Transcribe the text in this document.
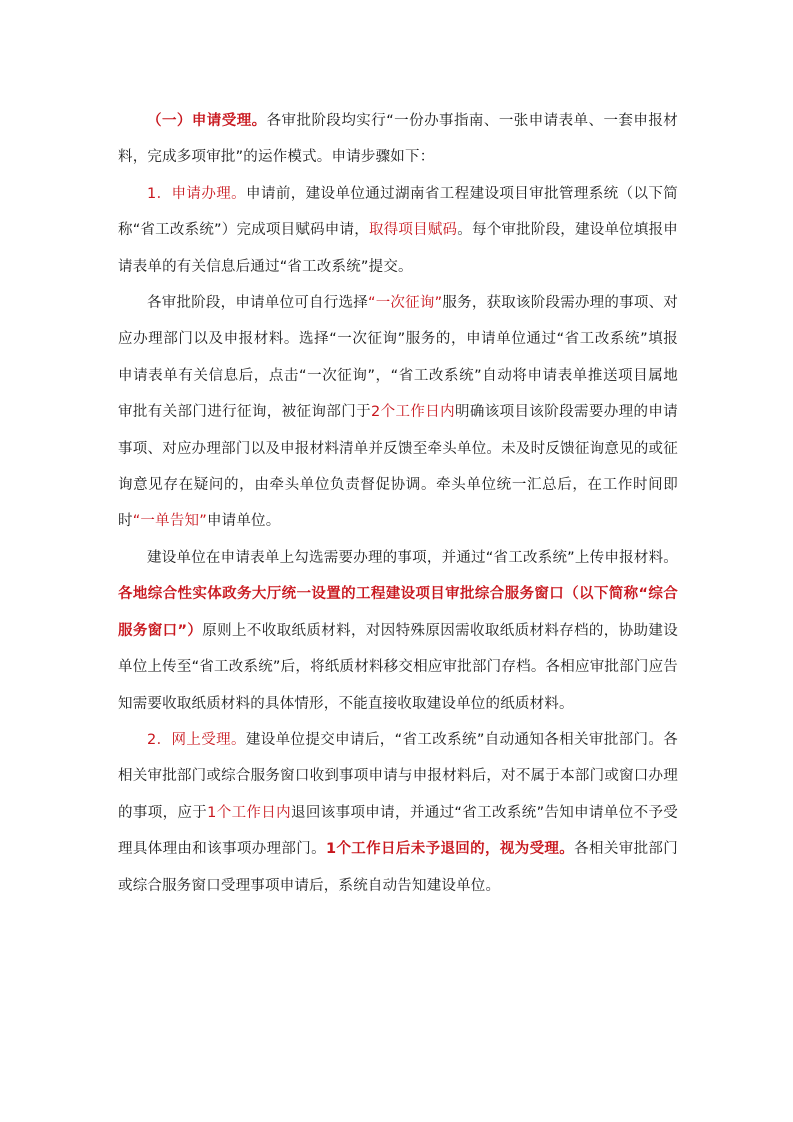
（一）申请受理。各审批阶段均实行“一份办事指南、一张申请表单、一套申报材料，完成多项审批”的运作模式。申请步骤如下：

1．申请办理。申请前，建设单位通过湖南省工程建设项目审批管理系统（以下简称“省工改系统”）完成项目赋码申请，取得项目赋码。每个审批阶段，建设单位填报申请表单的有关信息后通过“省工改系统”提交。

各审批阶段，申请单位可自行选择“一次征询”服务，获取该阶段需办理的事项、对应办理部门以及申报材料。选择“一次征询”服务的，申请单位通过“省工改系统”填报申请表单有关信息后，点击“一次征询”，“省工改系统”自动将申请表单推送项目属地审批有关部门进行征询，被征询部门于2个工作日内明确该项目该阶段需要办理的申请事项、对应办理部门以及申报材料清单并反馈至牵头单位。未及时反馈征询意见的或征询意见存在疑问的，由牵头单位负责督促协调。牵头单位统一汇总后，在工作时间即时“一单告知”申请单位。

建设单位在申请表单上勾选需要办理的事项，并通过“省工改系统”上传申报材料。各地综合性实体政务大厅统一设置的工程建设项目审批综合服务窗口（以下简称“综合服务窗口”）原则上不收取纸质材料，对因特殊原因需收取纸质材料存档的，协助建设单位上传至“省工改系统”后，将纸质材料移交相应审批部门存档。各相应审批部门应告知需要收取纸质材料的具体情形，不能直接收取建设单位的纸质材料。

2．网上受理。建设单位提交申请后，“省工改系统”自动通知各相关审批部门。各相关审批部门或综合服务窗口收到事项申请与申报材料后，对不属于本部门或窗口办理的事项，应于1个工作日内退回该事项申请，并通过“省工改系统”告知申请单位不予受理具体理由和该事项办理部门。1个工作日后未予退回的，视为受理。各相关审批部门或综合服务窗口受理事项申请后，系统自动告知建设单位。
